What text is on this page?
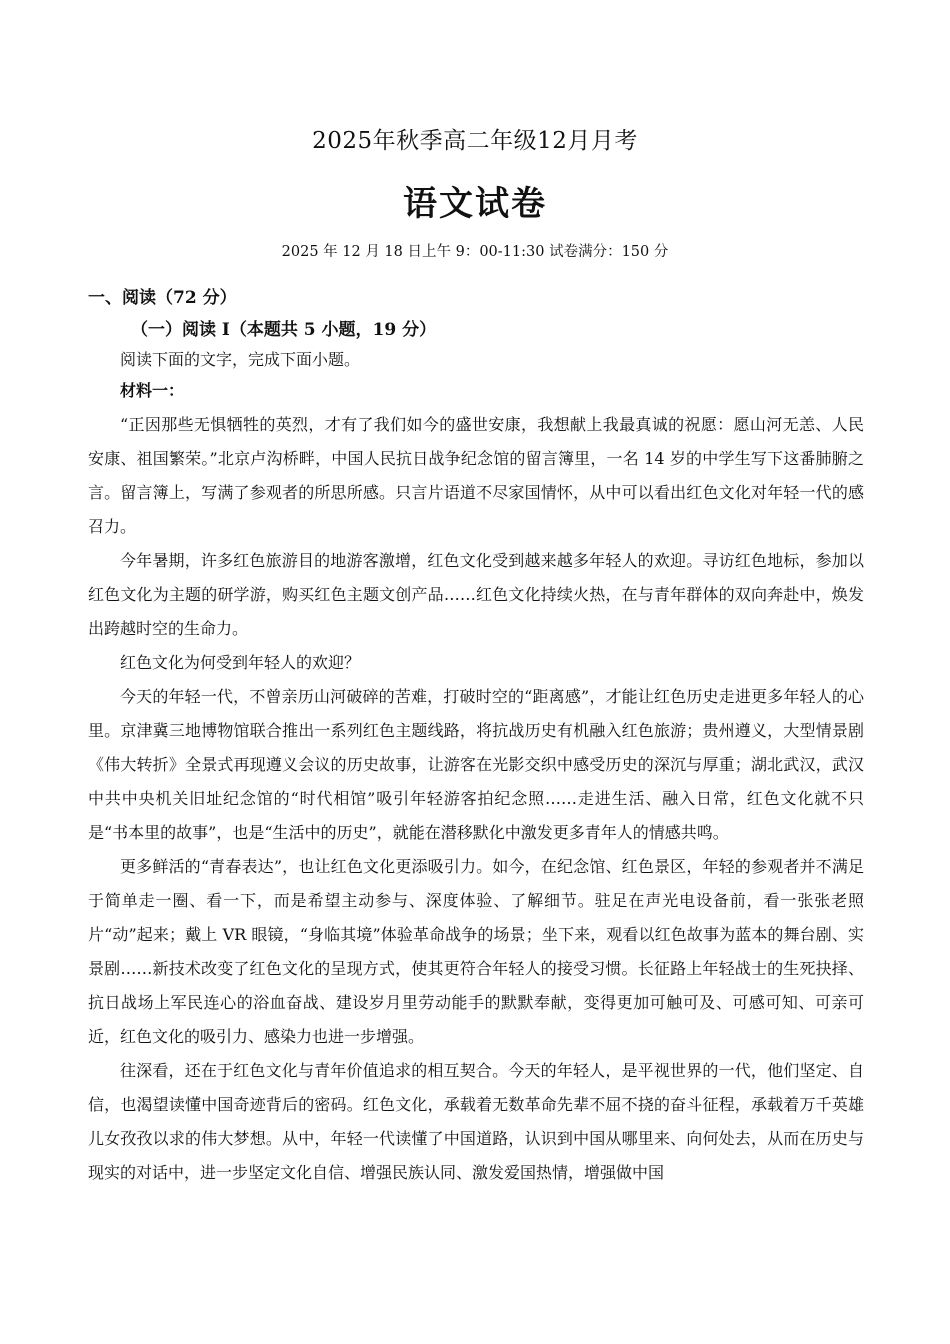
2025年秋季高二年级12月月考
语文试卷
2025 年 12 月 18 日上午 9：00-11:30 试卷满分：150 分
一、阅读（72 分）
（一）阅读 I（本题共 5 小题，19 分）
阅读下面的文字，完成下面小题。
材料一：

“正因那些无惧牺牲的英烈，才有了我们如今的盛世安康，我想献上我最真诚的祝愿：愿山河无恙、人民安康、祖国繁荣。”北京卢沟桥畔，中国人民抗日战争纪念馆的留言簿里，一名 14 岁的中学生写下这番肺腑之言。留言簿上，写满了参观者的所思所感。只言片语道不尽家国情怀，从中可以看出红色文化对年轻一代的感召力。

今年暑期，许多红色旅游目的地游客激增，红色文化受到越来越多年轻人的欢迎。寻访红色地标，参加以红色文化为主题的研学游，购买红色主题文创产品……红色文化持续火热，在与青年群体的双向奔赴中，焕发出跨越时空的生命力。

红色文化为何受到年轻人的欢迎？

今天的年轻一代，不曾亲历山河破碎的苦难，打破时空的“距离感”，才能让红色历史走进更多年轻人的心里。京津冀三地博物馆联合推出一系列红色主题线路，将抗战历史有机融入红色旅游；贵州遵义，大型情景剧《伟大转折》全景式再现遵义会议的历史故事，让游客在光影交织中感受历史的深沉与厚重；湖北武汉，武汉中共中央机关旧址纪念馆的“时代相馆”吸引年轻游客拍纪念照……走进生活、融入日常，红色文化就不只是“书本里的故事”，也是“生活中的历史”，就能在潜移默化中激发更多青年人的情感共鸣。

更多鲜活的“青春表达”，也让红色文化更添吸引力。如今，在纪念馆、红色景区，年轻的参观者并不满足于简单走一圈、看一下，而是希望主动参与、深度体验、了解细节。驻足在声光电设备前，看一张张老照片“动”起来；戴上 VR 眼镜，“身临其境”体验革命战争的场景；坐下来，观看以红色故事为蓝本的舞台剧、实景剧……新技术改变了红色文化的呈现方式，使其更符合年轻人的接受习惯。长征路上年轻战士的生死抉择、抗日战场上军民连心的浴血奋战、建设岁月里劳动能手的默默奉献，变得更加可触可及、可感可知、可亲可近，红色文化的吸引力、感染力也进一步增强。

往深看，还在于红色文化与青年价值追求的相互契合。今天的年轻人，是平视世界的一代，他们坚定、自信，也渴望读懂中国奇迹背后的密码。红色文化，承载着无数革命先辈不屈不挠的奋斗征程，承载着万千英雄儿女孜孜以求的伟大梦想。从中，年轻一代读懂了中国道路，认识到中国从哪里来、向何处去，从而在历史与现实的对话中，进一步坚定文化自信、增强民族认同、激发爱国热情，增强做中国
